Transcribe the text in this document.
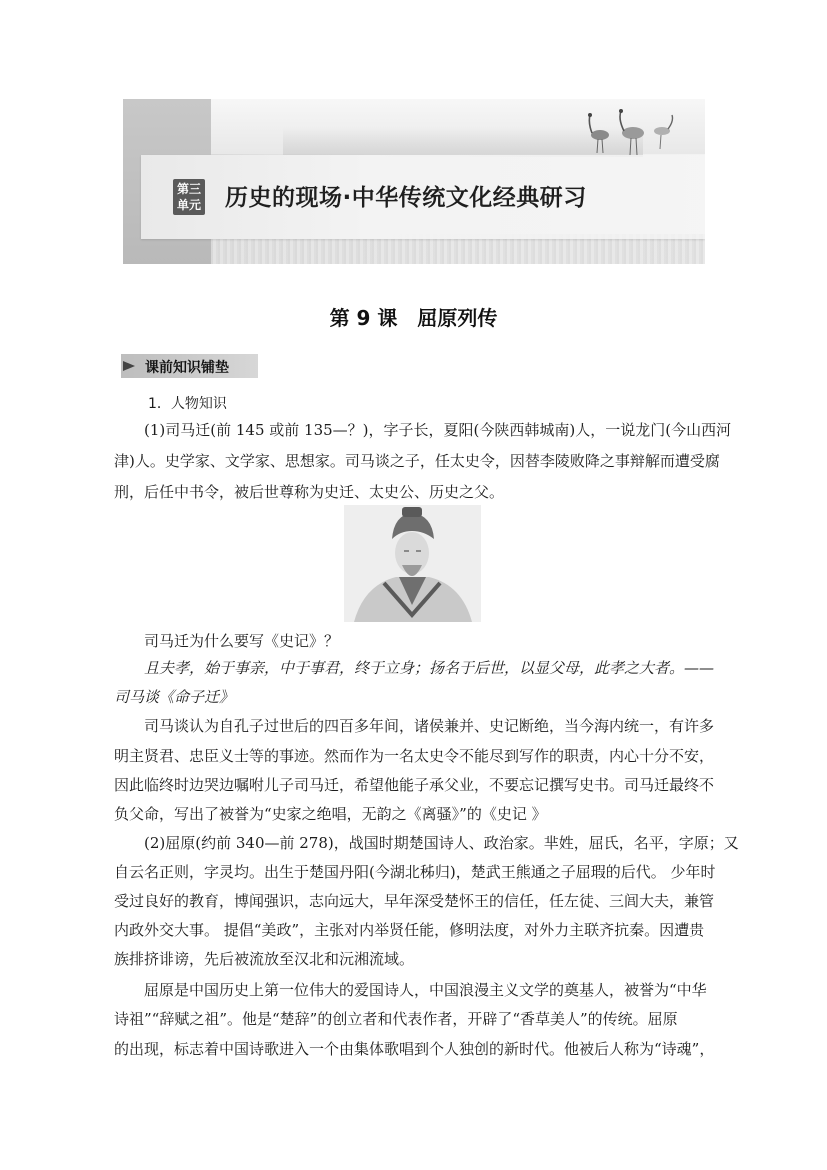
第三
单元 历史的现场·中华传统文化经典研习
第 9 课　屈原列传
课前知识铺垫
1．人物知识
(1)司马迁(前 145 或前 135—？)，字子长，夏阳(今陕西韩城南)人，一说龙门(今山西河
津)人。史学家、文学家、思想家。司马谈之子，任太史令，因替李陵败降之事辩解而遭受腐
刑，后任中书令，被后世尊称为史迁、太史公、历史之父。
司马迁为什么要写《史记》？
且夫孝，始于事亲，中于事君，终于立身；扬名于后世，以显父母，此孝之大者。——
司马谈《命子迁》
司马谈认为自孔子过世后的四百多年间，诸侯兼并、史记断绝，当今海内统一，有许多
明主贤君、忠臣义士等的事迹。然而作为一名太史令不能尽到写作的职责，内心十分不安，
因此临终时边哭边嘱咐儿子司马迁，希望他能子承父业，不要忘记撰写史书。司马迁最终不
负父命，写出了被誉为“史家之绝唱，无韵之《离骚》”的《史记 》
(2)屈原(约前 340—前 278)，战国时期楚国诗人、政治家。芈姓，屈氏，名平，字原；又
自云名正则，字灵均。出生于楚国丹阳(今湖北秭归)，楚武王熊通之子屈瑕的后代。 少年时
受过良好的教育，博闻强识，志向远大，早年深受楚怀王的信任，任左徒、三闾大夫，兼管
内政外交大事。 提倡“美政”，主张对内举贤任能，修明法度，对外力主联齐抗秦。因遭贵
族排挤诽谤，先后被流放至汉北和沅湘流域。
屈原是中国历史上第一位伟大的爱国诗人，中国浪漫主义文学的奠基人，被誉为“中华
诗祖”“辞赋之祖”。他是“楚辞”的创立者和代表作者，开辟了“香草美人”的传统。屈原
的出现，标志着中国诗歌进入一个由集体歌唱到个人独创的新时代。他被后人称为“诗魂”，
